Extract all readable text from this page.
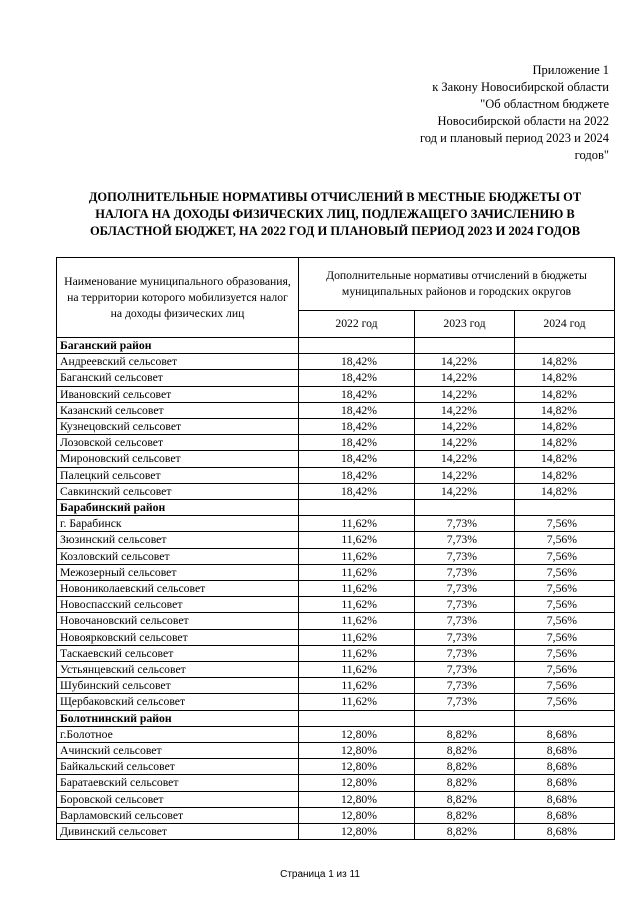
Приложение 1
к Закону Новосибирской области
"Об областном бюджете
Новосибирской области на 2022
год и плановый период 2023 и 2024
годов"
ДОПОЛНИТЕЛЬНЫЕ НОРМАТИВЫ ОТЧИСЛЕНИЙ В МЕСТНЫЕ БЮДЖЕТЫ ОТ
НАЛОГА НА ДОХОДЫ ФИЗИЧЕСКИХ ЛИЦ, ПОДЛЕЖАЩЕГО ЗАЧИСЛЕНИЮ В
ОБЛАСТНОЙ БЮДЖЕТ, НА 2022 ГОД И ПЛАНОВЫЙ ПЕРИОД 2023 И 2024 ГОДОВ
Наименование муниципального образования, на территории которого мобилизуется налог на доходы физических лиц	Дополнительные нормативы отчислений в бюджеты муниципальных районов и городских округов		
	2022 год	2023 год	2024 год
Баганский район			
Андреевский сельсовет	18,42%	14,22%	14,82%
Баганский сельсовет	18,42%	14,22%	14,82%
Ивановский сельсовет	18,42%	14,22%	14,82%
Казанский сельсовет	18,42%	14,22%	14,82%
Кузнецовский сельсовет	18,42%	14,22%	14,82%
Лозовской сельсовет	18,42%	14,22%	14,82%
Мироновский сельсовет	18,42%	14,22%	14,82%
Палецкий сельсовет	18,42%	14,22%	14,82%
Савкинский сельсовет	18,42%	14,22%	14,82%
Барабинский район			
г. Барабинск	11,62%	7,73%	7,56%
Зюзинский сельсовет	11,62%	7,73%	7,56%
Козловский сельсовет	11,62%	7,73%	7,56%
Межозерный сельсовет	11,62%	7,73%	7,56%
Новониколаевский сельсовет	11,62%	7,73%	7,56%
Новоспасский сельсовет	11,62%	7,73%	7,56%
Новочановский сельсовет	11,62%	7,73%	7,56%
Новоярковский сельсовет	11,62%	7,73%	7,56%
Таскаевский сельсовет	11,62%	7,73%	7,56%
Устьянцевский сельсовет	11,62%	7,73%	7,56%
Шубинский сельсовет	11,62%	7,73%	7,56%
Щербаковский сельсовет	11,62%	7,73%	7,56%
Болотнинский район			
г.Болотное	12,80%	8,82%	8,68%
Ачинский сельсовет	12,80%	8,82%	8,68%
Байкальский сельсовет	12,80%	8,82%	8,68%
Баратаевский сельсовет	12,80%	8,82%	8,68%
Боровской сельсовет	12,80%	8,82%	8,68%
Варламовский сельсовет	12,80%	8,82%	8,68%
Дивинский сельсовет	12,80%	8,82%	8,68%
Страница 1 из 11
